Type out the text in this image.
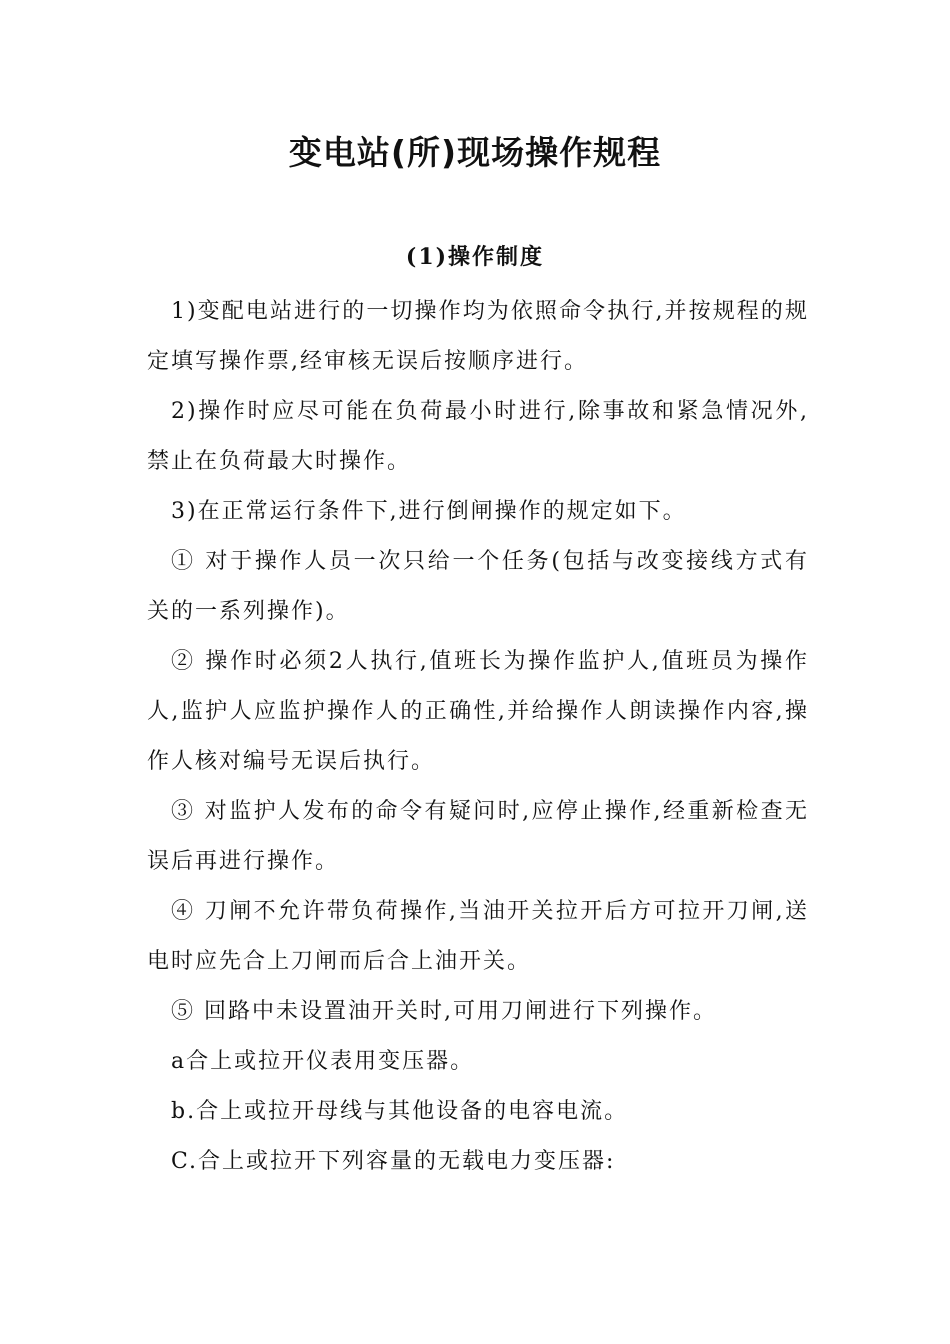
变电站(所)现场操作规程
(1)操作制度

1)变配电站进行的一切操作均为依照命令执行,并按规程的规定填写操作票,经审核无误后按顺序进行。

2)操作时应尽可能在负荷最小时进行,除事故和紧急情况外,禁止在负荷最大时操作。

3)在正常运行条件下,进行倒闸操作的规定如下。

① 对于操作人员一次只给一个任务(包括与改变接线方式有关的一系列操作)。

② 操作时必须2人执行,值班长为操作监护人,值班员为操作人,监护人应监护操作人的正确性,并给操作人朗读操作内容,操作人核对编号无误后执行。

③ 对监护人发布的命令有疑问时,应停止操作,经重新检查无误后再进行操作。

④ 刀闸不允许带负荷操作,当油开关拉开后方可拉开刀闸,送电时应先合上刀闸而后合上油开关。

⑤ 回路中未设置油开关时,可用刀闸进行下列操作。

a合上或拉开仪表用变压器。

b.合上或拉开母线与其他设备的电容电流。

C.合上或拉开下列容量的无载电力变压器:
